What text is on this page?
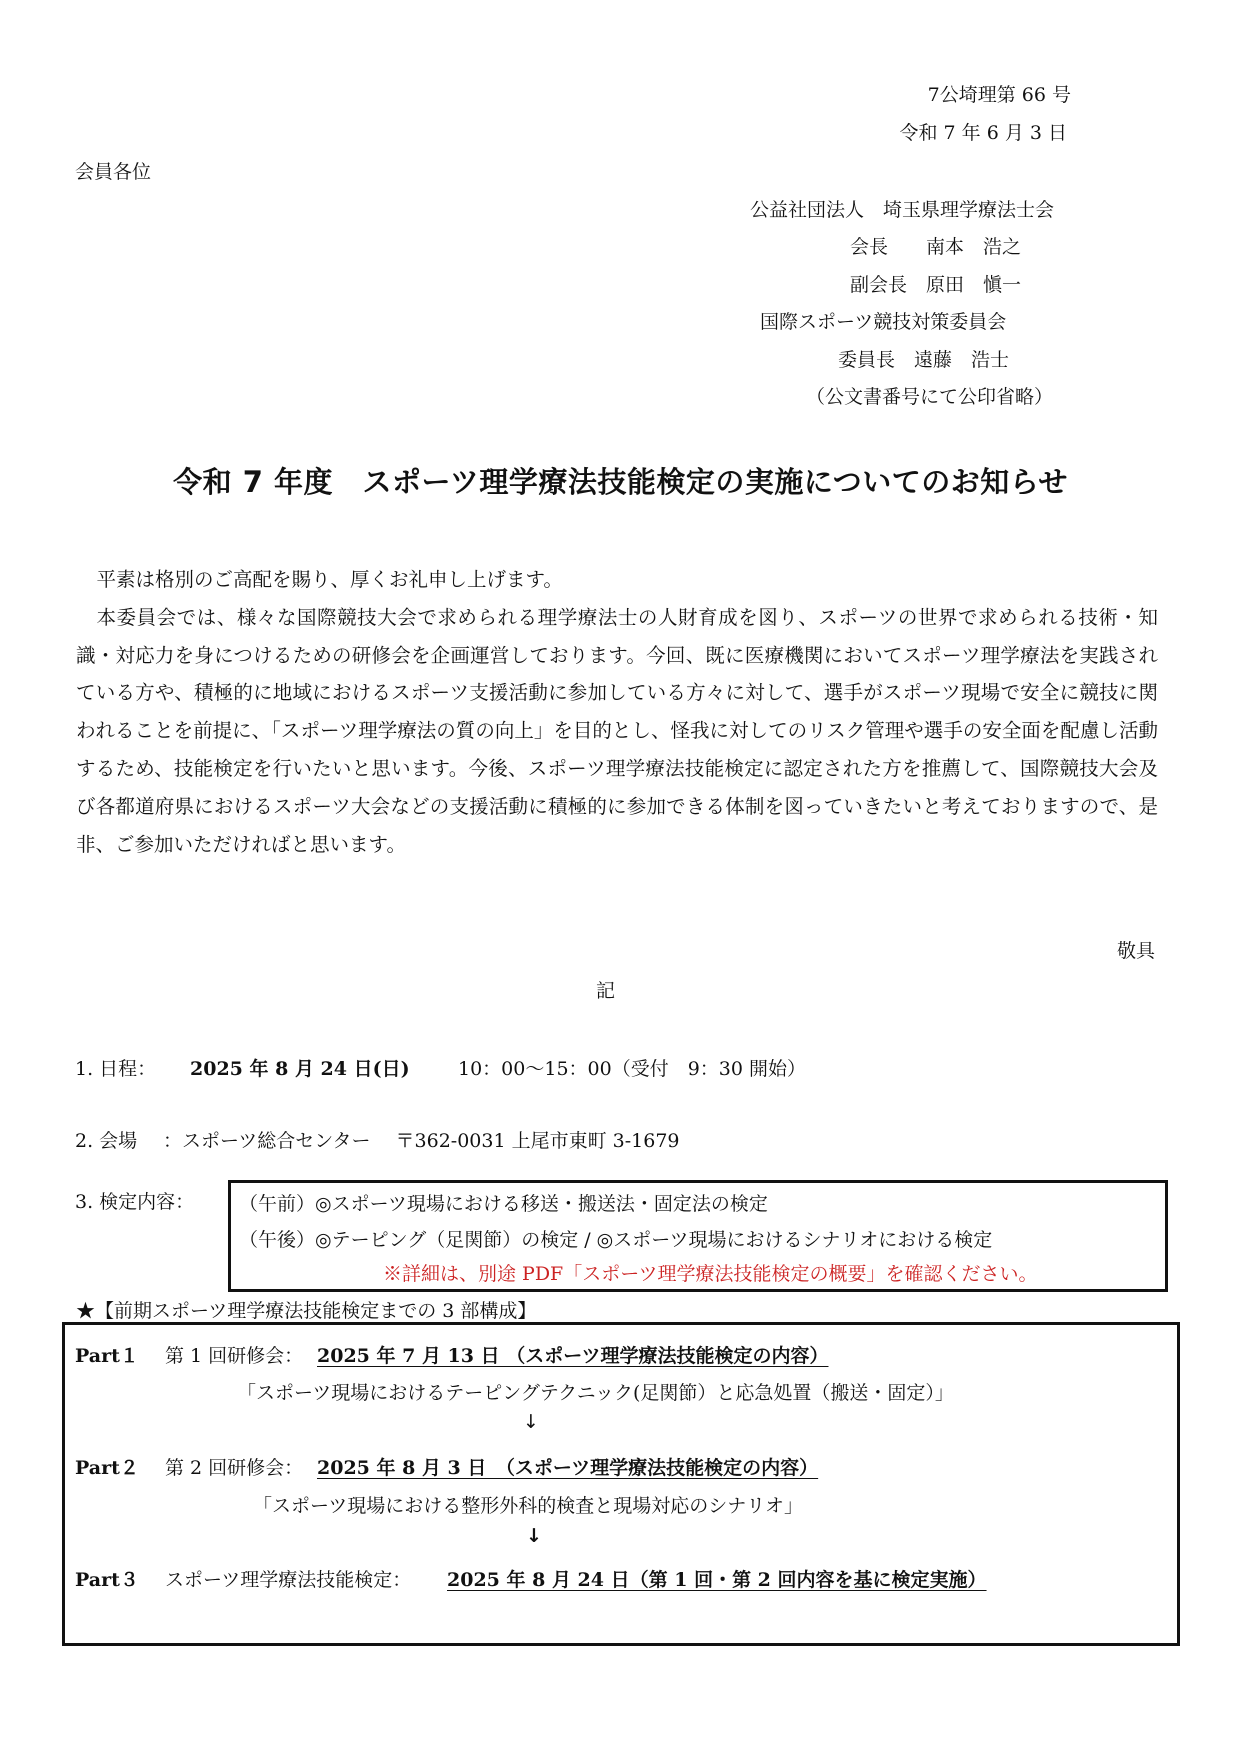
7公埼理第 66 号
令和 7 年 6 月 3 日
会員各位
公益社団法人　埼玉県理学療法士会
会長　　南本　浩之
副会長　原田　愼一
国際スポーツ競技対策委員会
委員長　遠藤　浩士
（公文書番号にて公印省略）
令和 7 年度　スポーツ理学療法技能検定の実施についてのお知らせ

平素は格別のご高配を賜り、厚くお礼申し上げます。

本委員会では、様々な国際競技大会で求められる理学療法士の人財育成を図り、スポーツの世界で求められる技術・知識・対応力を身につけるための研修会を企画運営しております。今回、既に医療機関においてスポーツ理学療法を実践されている方や、積極的に地域におけるスポーツ支援活動に参加している方々に対して、選手がスポーツ現場で安全に競技に関われることを前提に、「スポーツ理学療法の質の向上」を目的とし、怪我に対してのリスク管理や選手の安全面を配慮し活動するため、技能検定を行いたいと思います。今後、スポーツ理学療法技能検定に認定された方を推薦して、国際競技大会及び各都道府県におけるスポーツ大会などの支援活動に積極的に参加できる体制を図っていきたいと考えておりますので、是非、ご参加いただければと思います。

敬具
記
1. 日程： 2025 年 8 月 24 日(日)	10：00～15：00（受付　9：30 開始）
2. 会場 ：スポーツ総合センター　 〒362-0031 上尾市東町 3-1679
3. 検定内容： （午前）◎スポーツ現場における移送・搬送法・固定法の検定
（午後）◎テーピング（足関節）の検定 / ◎スポーツ現場におけるシナリオにおける検定
※詳細は、別途 PDF「スポーツ理学療法技能検定の概要」を確認ください。
★【前期スポーツ理学療法技能検定までの 3 部構成】
Part１ 第 1 回研修会： 2025 年 7 月 13 日 （スポーツ理学療法技能検定の内容）
「スポーツ現場におけるテーピングテクニック(足関節）と応急処置（搬送・固定）」
↓
Part２ 第 2 回研修会： 2025 年 8 月 3 日　（スポーツ理学療法技能検定の内容）
「スポーツ現場における整形外科的検査と現場対応のシナリオ」
↓
Part３ スポーツ理学療法技能検定： 2025 年 8 月 24 日（第 1 回・第 2 回内容を基に検定実施）
